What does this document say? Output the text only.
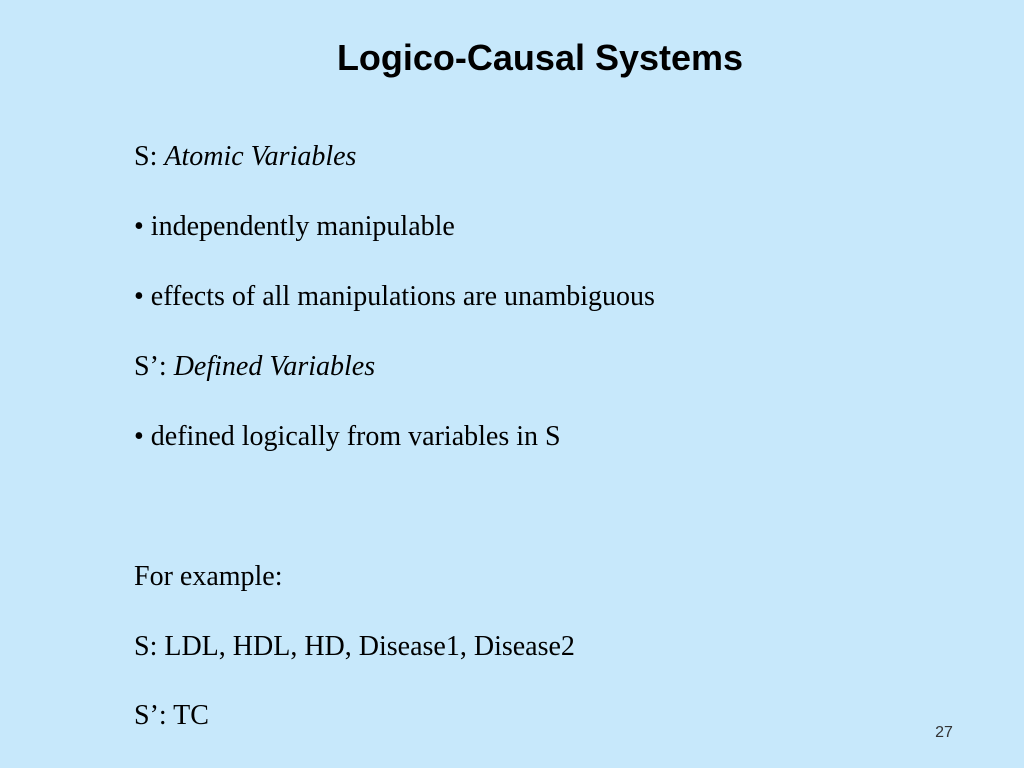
Logico-Causal Systems
S: Atomic Variables
• independently manipulable
• effects of all manipulations are unambiguous
S’: Defined Variables
• defined logically from variables in S
For example:
S: LDL, HDL, HD, Disease1, Disease2
S’: TC
27
